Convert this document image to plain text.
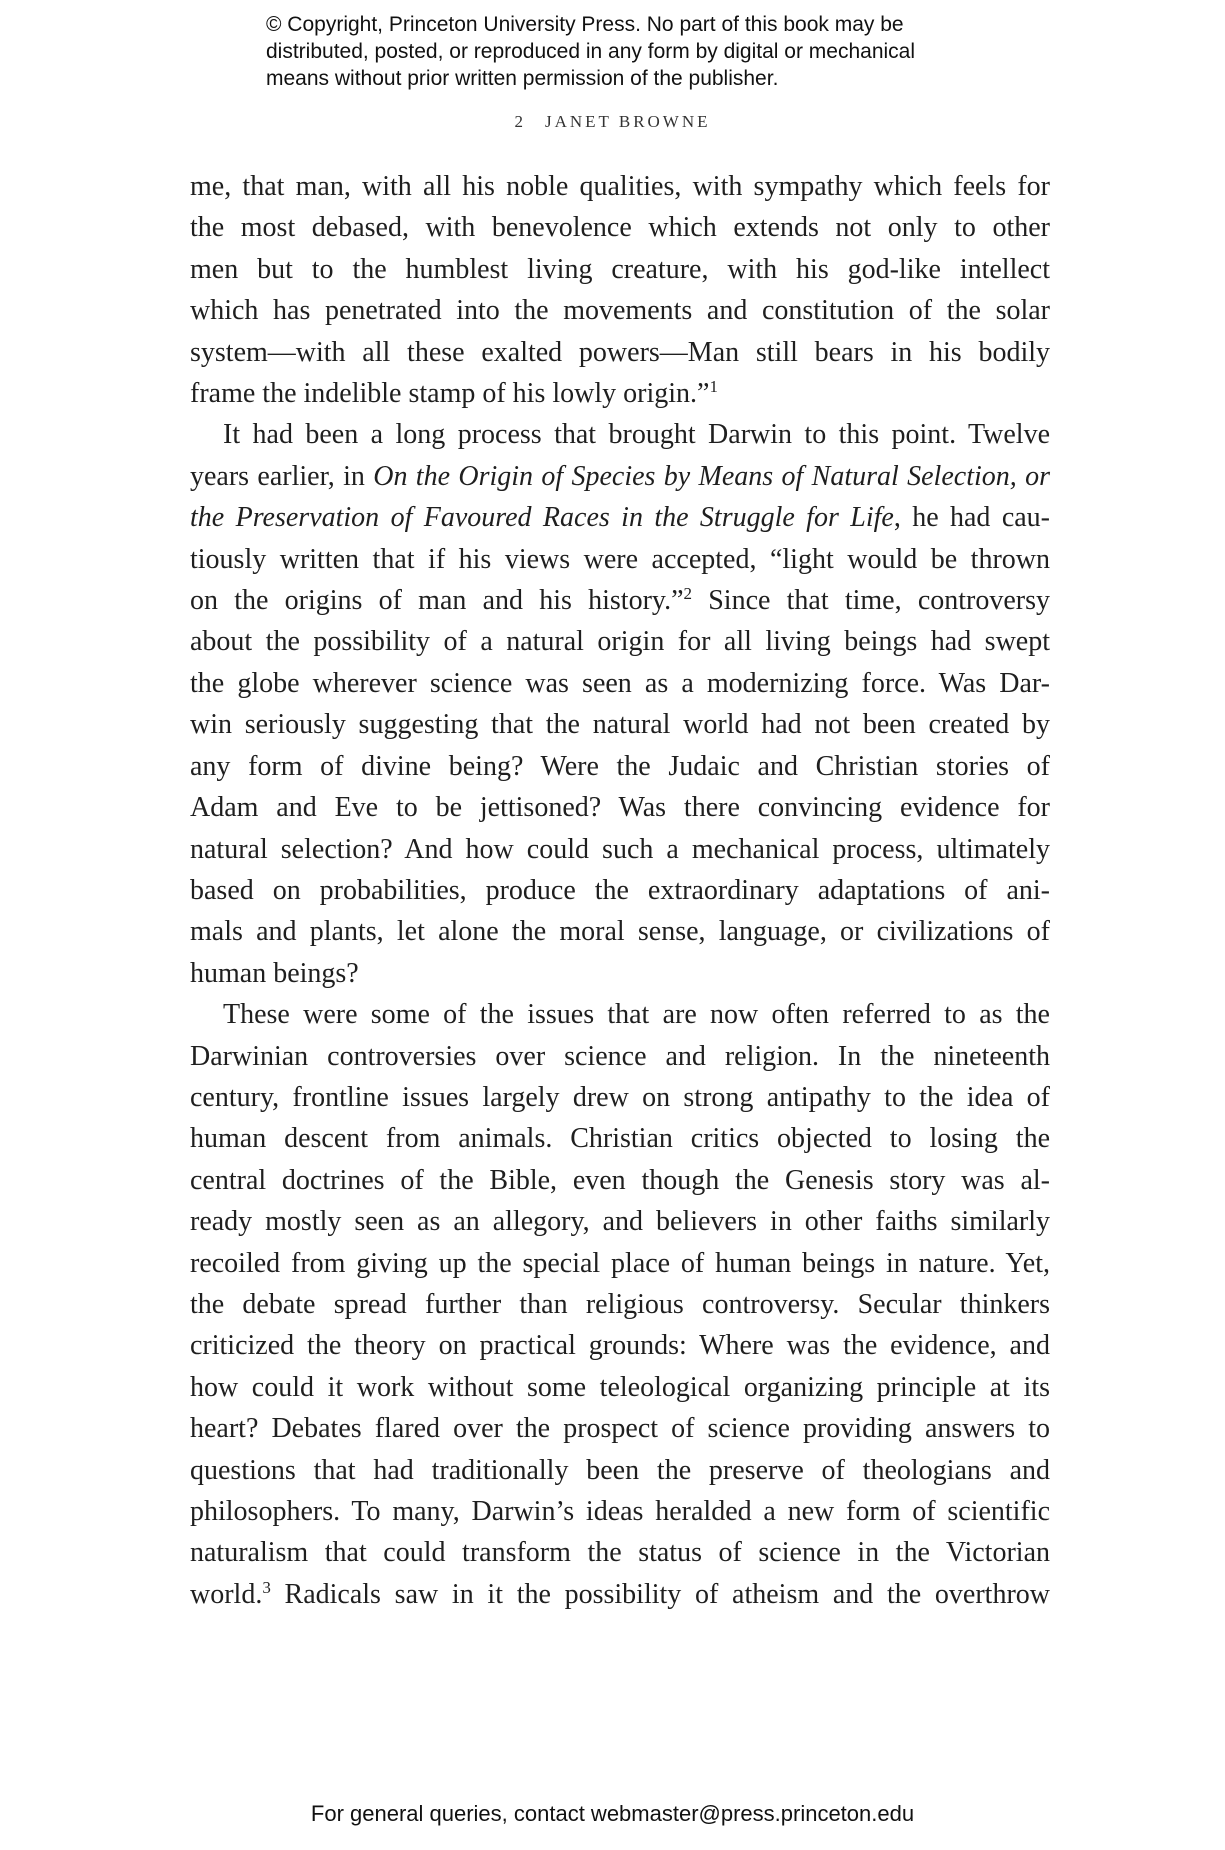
© Copyright, Princeton University Press. No part of this book may be
distributed, posted, or reproduced in any form by digital or mechanical
means without prior written permission of the publisher.
2 JANET BROWNE
me, that man, with all his noble qualities, with sympathy which feels for
the most debased, with benevolence which extends not only to other
men but to the humblest living creature, with his god-like intellect
which has penetrated into the movements and constitution of the solar
system—with all these exalted powers—Man still bears in his bodily
frame the indelible stamp of his lowly origin.”$^1$
It had been a long process that brought Darwin to this point. Twelve
years earlier, in On the Origin of Species by Means of Natural Selection, or
the Preservation of Favoured Races in the Struggle for Life, he had cau-
tiously written that if his views were accepted, “light would be thrown
on the origins of man and his history.”$^2$ Since that time, controversy
about the possibility of a natural origin for all living beings had swept
the globe wherever science was seen as a modernizing force. Was Dar-
win seriously suggesting that the natural world had not been created by
any form of divine being? Were the Judaic and Christian stories of
Adam and Eve to be jettisoned? Was there convincing evidence for
natural selection? And how could such a mechanical process, ultimately
based on probabilities, produce the extraordinary adaptations of ani-
mals and plants, let alone the moral sense, language, or civilizations of
human beings?
These were some of the issues that are now often referred to as the
Darwinian controversies over science and religion. In the nineteenth
century, frontline issues largely drew on strong antipathy to the idea of
human descent from animals. Christian critics objected to losing the
central doctrines of the Bible, even though the Genesis story was al-
ready mostly seen as an allegory, and believers in other faiths similarly
recoiled from giving up the special place of human beings in nature. Yet,
the debate spread further than religious controversy. Secular thinkers
criticized the theory on practical grounds: Where was the evidence, and
how could it work without some teleological organizing principle at its
heart? Debates flared over the prospect of science providing answers to
questions that had traditionally been the preserve of theologians and
philosophers. To many, Darwin’s ideas heralded a new form of scientific
naturalism that could transform the status of science in the Victorian
world.$^3$ Radicals saw in it the possibility of atheism and the overthrow
For general queries, contact webmaster@press.princeton.edu
